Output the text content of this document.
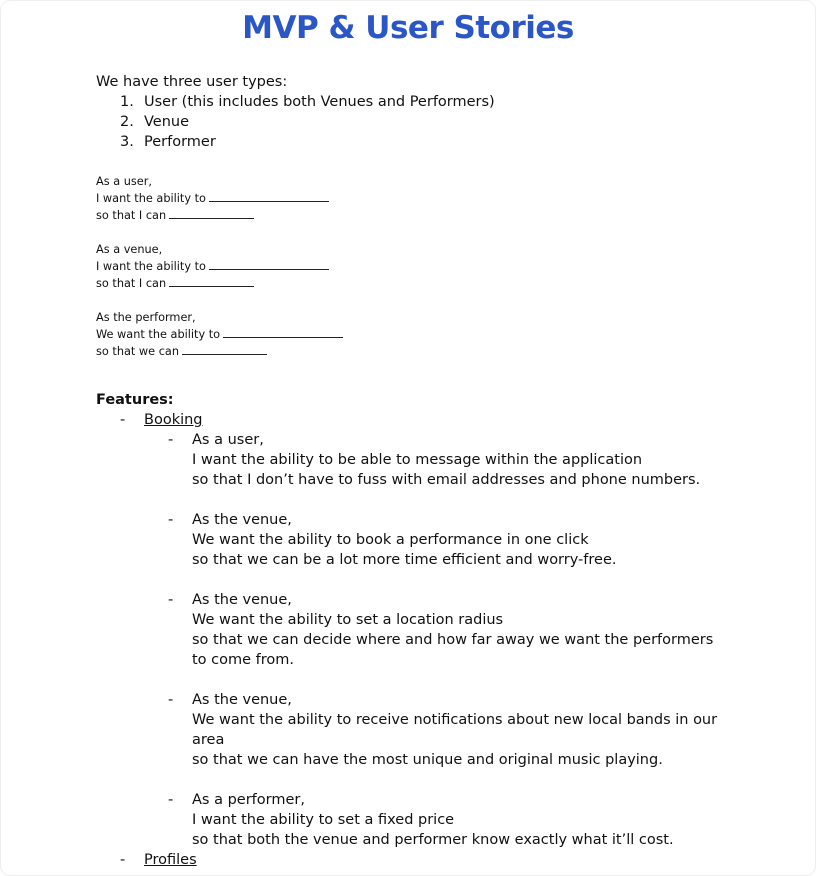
MVP & User Stories
We have three user types:
1. User (this includes both Venues and Performers)
2. Venue
3. Performer
As a user,
I want the ability to
so that I can
As a venue,
I want the ability to
so that I can
As the performer,
We want the ability to
so that we can
Features:
-	Booking
-	As a user,
I want the ability to be able to message within the application
so that I don’t have to fuss with email addresses and phone numbers.
-	As the venue,
We want the ability to book a performance in one click
so that we can be a lot more time efficient and worry-free.
-	As the venue,
We want the ability to set a location radius
so that we can decide where and how far away we want the performers to come from.
-	As the venue,
We want the ability to receive notifications about new local bands in our area
so that we can have the most unique and original music playing.
-	As a performer,
I want the ability to set a fixed price
so that both the venue and performer know exactly what it’ll cost.
-	Profiles
